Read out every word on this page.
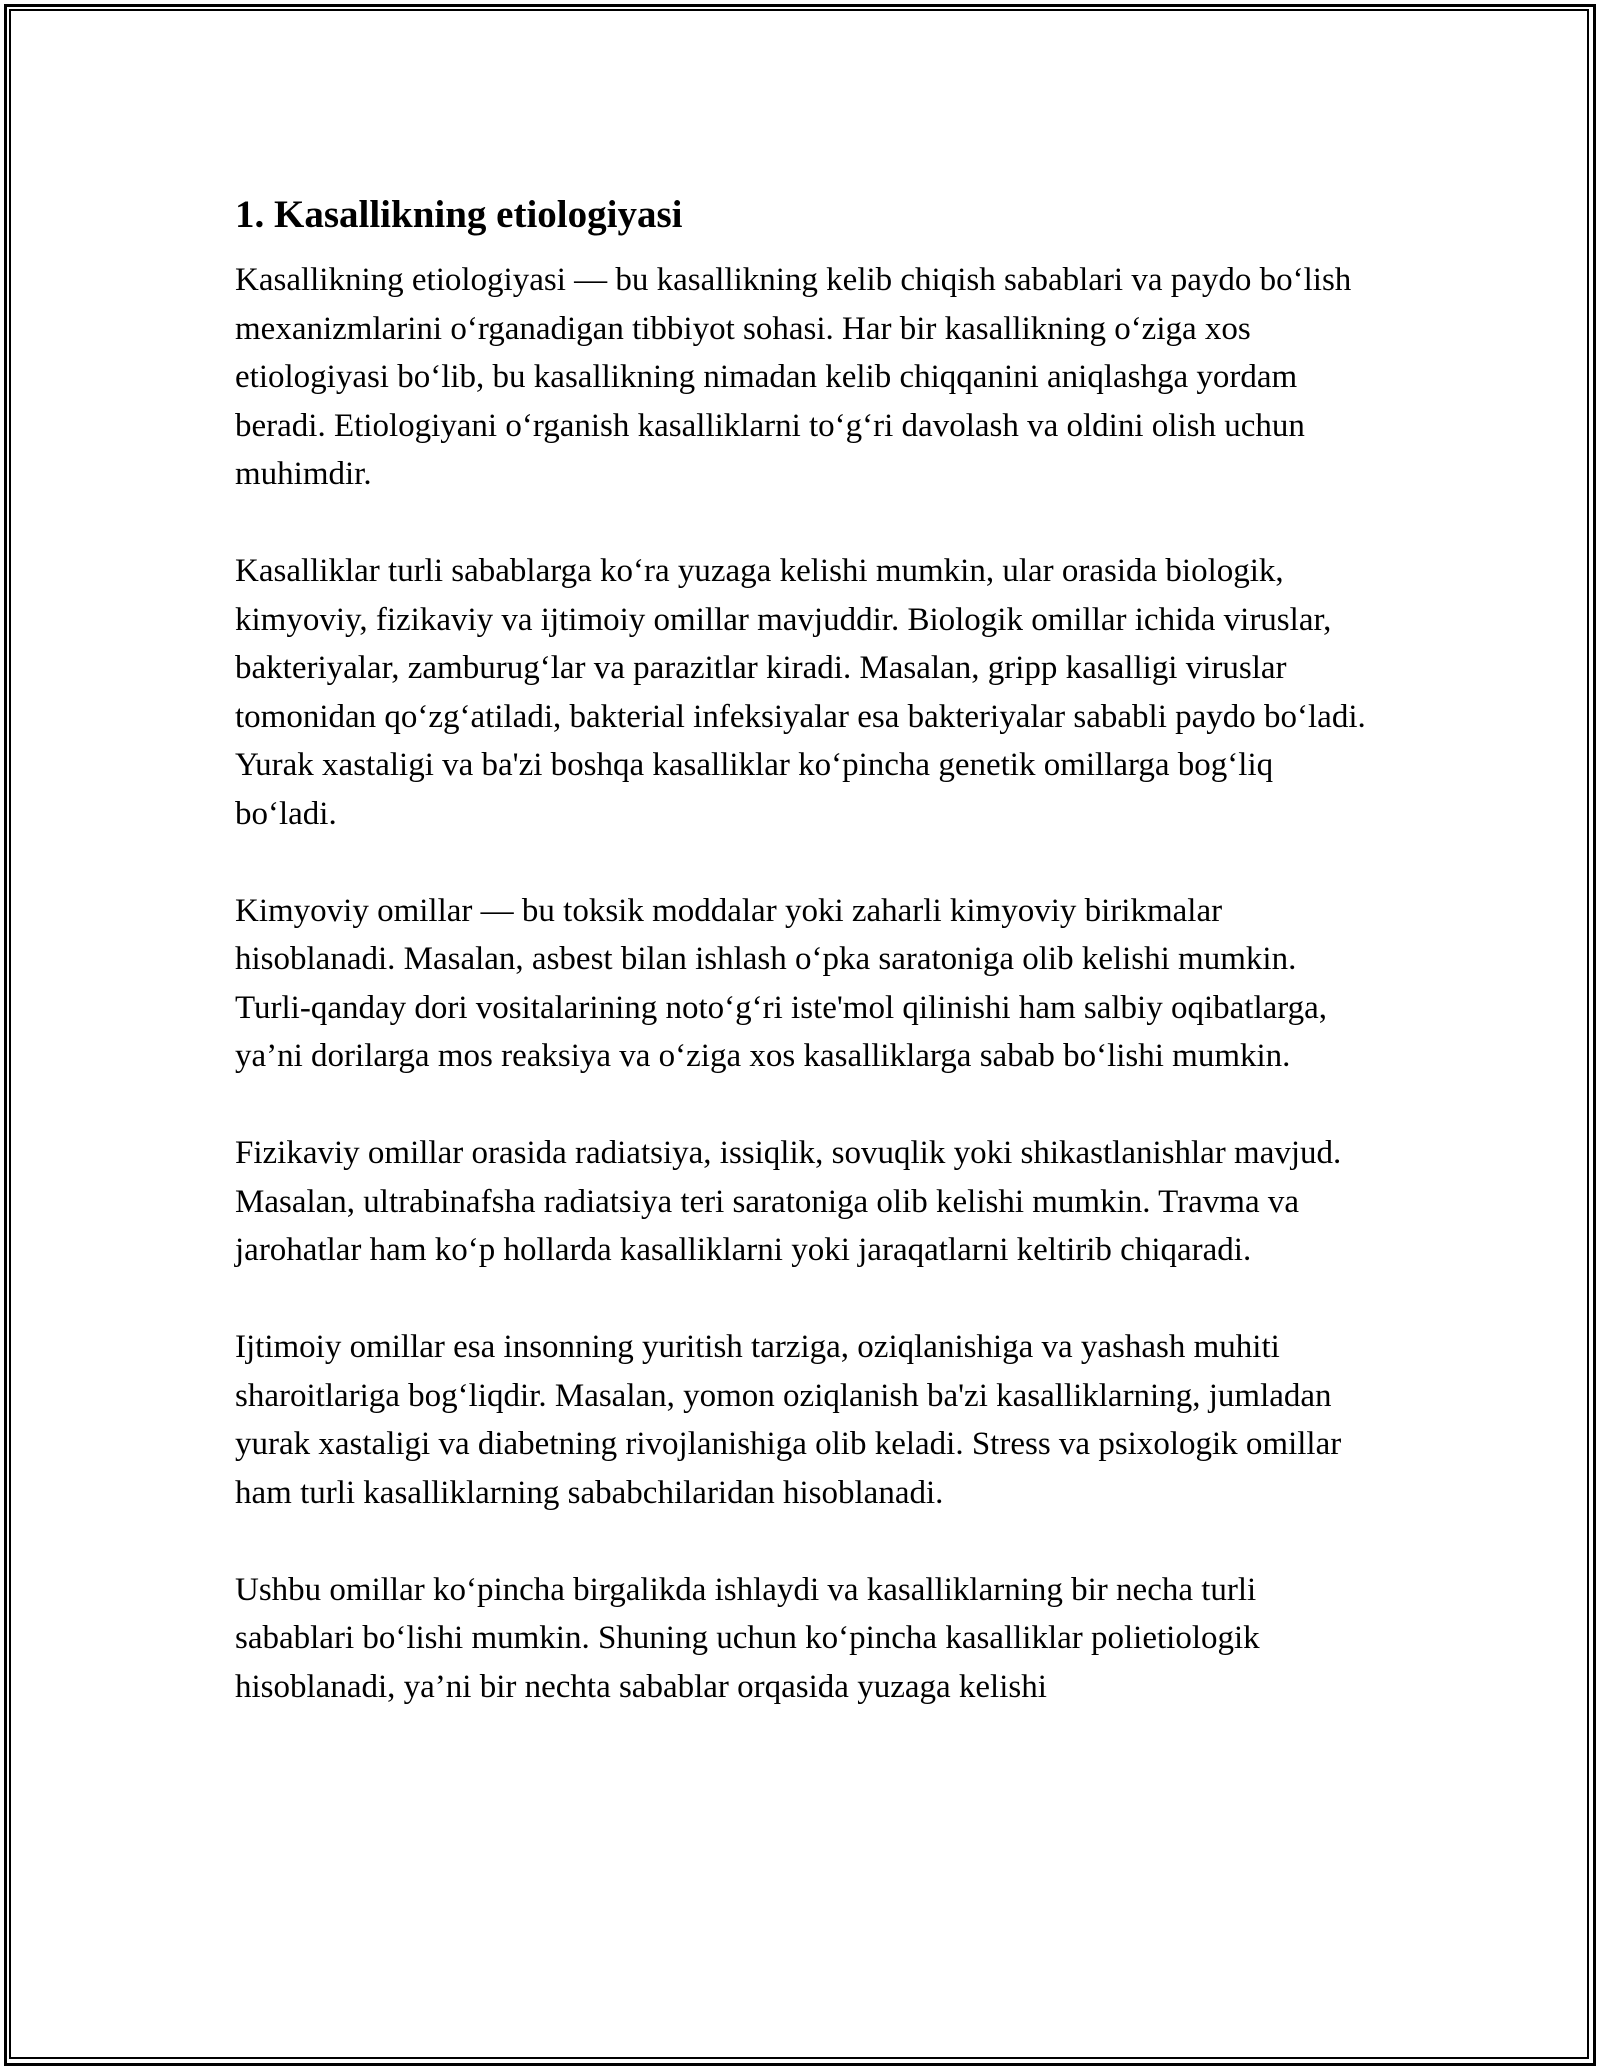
1. Kasallikning etiologiyasi

Kasallikning etiologiyasi — bu kasallikning kelib chiqish sabablari va paydo bo‘lish mexanizmlarini o‘rganadigan tibbiyot sohasi. Har bir kasallikning o‘ziga xos etiologiyasi bo‘lib, bu kasallikning nimadan kelib chiqqanini aniqlashga yordam beradi. Etiologiyani o‘rganish kasalliklarni to‘g‘ri davolash va oldini olish uchun muhimdir.

Kasalliklar turli sabablarga ko‘ra yuzaga kelishi mumkin, ular orasida biologik, kimyoviy, fizikaviy va ijtimoiy omillar mavjuddir. Biologik omillar ichida viruslar, bakteriyalar, zamburug‘lar va parazitlar kiradi. Masalan, gripp kasalligi viruslar tomonidan qo‘zg‘atiladi, bakterial infeksiyalar esa bakteriyalar sababli paydo bo‘ladi. Yurak xastaligi va ba'zi boshqa kasalliklar ko‘pincha genetik omillarga bog‘liq bo‘ladi.

Kimyoviy omillar — bu toksik moddalar yoki zaharli kimyoviy birikmalar hisoblanadi. Masalan, asbest bilan ishlash o‘pka saratoniga olib kelishi mumkin. Turli-qanday dori vositalarining noto‘g‘ri iste'mol qilinishi ham salbiy oqibatlarga, ya’ni dorilarga mos reaksiya va o‘ziga xos kasalliklarga sabab bo‘lishi mumkin.

Fizikaviy omillar orasida radiatsiya, issiqlik, sovuqlik yoki shikastlanishlar mavjud. Masalan, ultrabinafsha radiatsiya teri saratoniga olib kelishi mumkin. Travma va jarohatlar ham ko‘p hollarda kasalliklarni yoki jaraqatlarni keltirib chiqaradi.

Ijtimoiy omillar esa insonning yuritish tarziga, oziqlanishiga va yashash muhiti sharoitlariga bog‘liqdir. Masalan, yomon oziqlanish ba'zi kasalliklarning, jumladan yurak xastaligi va diabetning rivojlanishiga olib keladi. Stress va psixologik omillar ham turli kasalliklarning sababchilaridan hisoblanadi.

Ushbu omillar ko‘pincha birgalikda ishlaydi va kasalliklarning bir necha turli sabablari bo‘lishi mumkin. Shuning uchun ko‘pincha kasalliklar polietiologik hisoblanadi, ya’ni bir nechta sabablar orqasida yuzaga kelishi
